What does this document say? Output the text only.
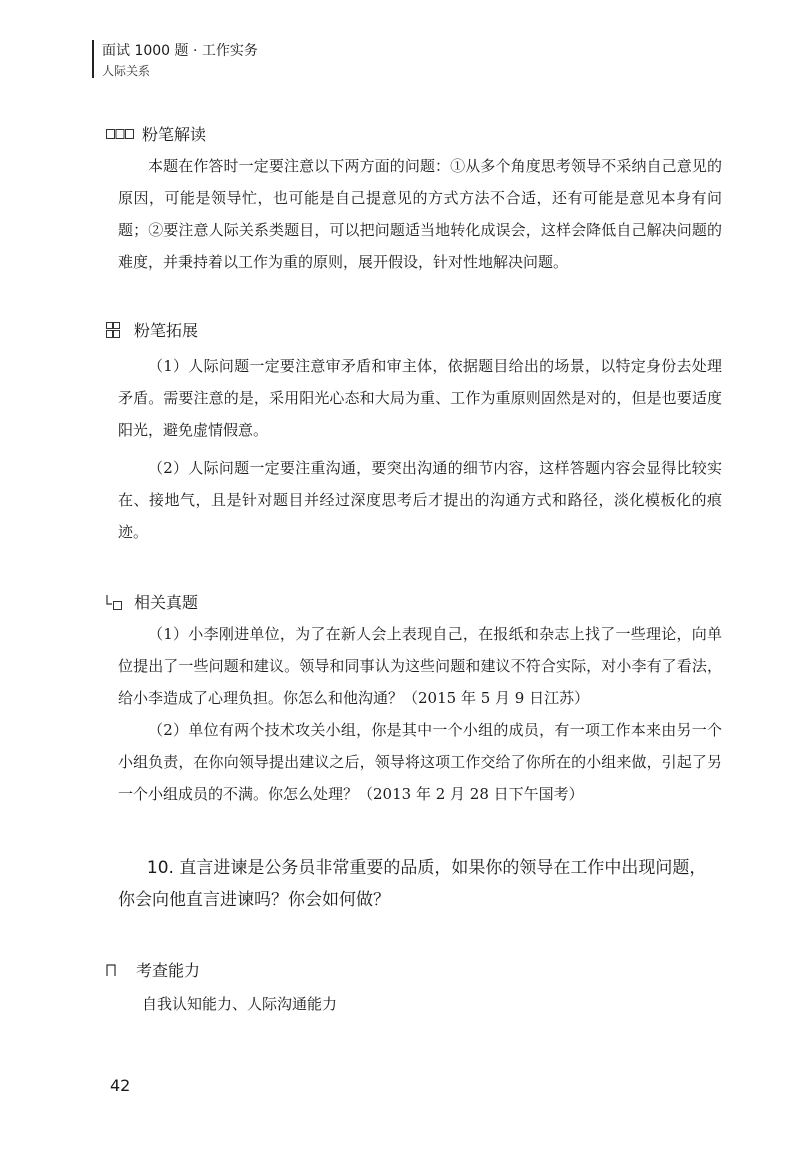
面试 1000 题 · 工作实务
人际关系
粉笔解读

本题在作答时一定要注意以下两方面的问题：①从多个角度思考领导不采纳自己意见的原因，可能是领导忙，也可能是自己提意见的方式方法不合适，还有可能是意见本身有问题；②要注意人际关系类题目，可以把问题适当地转化成误会，这样会降低自己解决问题的难度，并秉持着以工作为重的原则，展开假设，针对性地解决问题。

粉笔拓展

（1）人际问题一定要注意审矛盾和审主体，依据题目给出的场景，以特定身份去处理矛盾。需要注意的是，采用阳光心态和大局为重、工作为重原则固然是对的，但是也要适度阳光，避免虚情假意。

（2）人际问题一定要注重沟通，要突出沟通的细节内容，这样答题内容会显得比较实在、接地气，且是针对题目并经过深度思考后才提出的沟通方式和路径，淡化模板化的痕迹。

相关真题

（1）小李刚进单位，为了在新人会上表现自己，在报纸和杂志上找了一些理论，向单位提出了一些问题和建议。领导和同事认为这些问题和建议不符合实际，对小李有了看法，给小李造成了心理负担。你怎么和他沟通？（2015 年 5 月 9 日江苏）

（2）单位有两个技术攻关小组，你是其中一个小组的成员，有一项工作本来由另一个小组负责，在你向领导提出建议之后，领导将这项工作交给了你所在的小组来做，引起了另一个小组成员的不满。你怎么处理？（2013 年 2 月 28 日下午国考）

10. 直言进谏是公务员非常重要的品质，如果你的领导在工作中出现问题，你会向他直言进谏吗？你会如何做？

考查能力
自我认知能力、人际沟通能力
42
